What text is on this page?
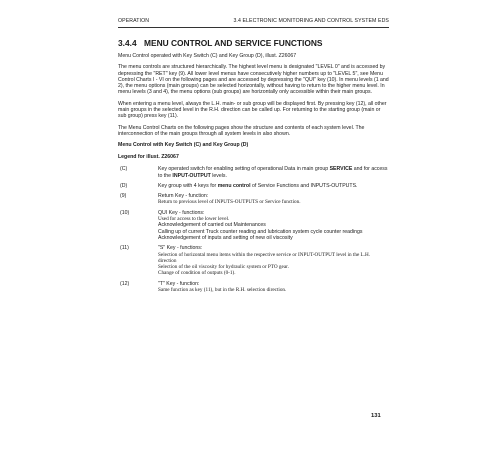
OPERATION	3.4 ELECTRONIC MONITORING AND CONTROL SYSTEM EDS
3.4.4 MENU CONTROL AND SERVICE FUNCTIONS

Menu Control operated with Key Switch (C) and Key Group (D), illust. Z26067

The menu controls are structured hierarchically. The highest level menu is designated "LEVEL 0" and is accessed by depressing the "RET" key (9). All lower level menus have consecutively higher numbers up to "LEVEL 5", see Menu Control Charts I - VI on the following pages and are accessed by depressing the "QUI" key (10). In menu levels (1 and 2), the menu options (main groups) can be selected horizontally, without having to return to the higher menu level. In menu levels (3 and 4), the menu options (sub groups) are horizontally only accessible within their main groups.

When entering a menu level, always the L.H. main- or sub group will be displayed first. By pressing key (12), all other main groups in the selected level in the R.H. direction can be called up. For returning to the starting group (main or sub group) press key (11).

The Menu Control Charts on the following pages show the structure and contents of each system level. The interconnection of the main groups through all system levels in also shown.

Menu Control with Key Switch (C) and Key Group (D)
Legend for illust. Z26067
(C)	Key operated switch for enabling setting of operational Data in main group SERVICE and for access to the INPUT-OUTPUT levels.
(D)	Key group with 4 keys for menu control of Service Functions and INPUTS-OUTPUTS.
(9)	Return Key - function:
Return to previous level of INPUTS-OUTPUTS or Service function.
(10)	QUI Key - functions:
Used for access to the lower level.
Acknowledgement of carried out Maintenances
Calling up of current Truck counter reading and lubrication system cycle counter readings
Acknowledgement of inputs and setting of new oil viscosity
(11)	"S" Key - functions:
Selection of horizontal menu items within the respective service or INPUT-OUTPUT level in the L.H. direction
Selection of the oil viscosity for hydraulic system or PTO gear.
Change of condition of outputs (0-1).
(12)	"T" Key - function:
Same function as key (11), but in the R.H. selection direction.
131
